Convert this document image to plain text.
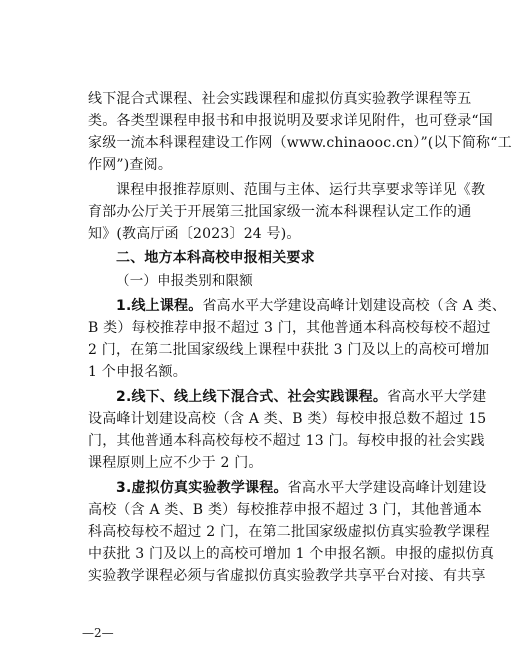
线下混合式课程、社会实践课程和虚拟仿真实验教学课程等五
类。各类型课程申报书和申报说明及要求详见附件，也可登录“国
家级一流本科课程建设工作网（www.chinaooc.cn）”(以下简称“工
作网”)查阅。
课程申报推荐原则、范围与主体、运行共享要求等详见《教
育部办公厅关于开展第三批国家级一流本科课程认定工作的通
知》(教高厅函〔2023〕24 号)。
二、地方本科高校申报相关要求
（一）申报类别和限额
1.线上课程。省高水平大学建设高峰计划建设高校（含 A 类、
B 类）每校推荐申报不超过 3 门，其他普通本科高校每校不超过
2 门，在第二批国家级线上课程中获批 3 门及以上的高校可增加
1 个申报名额。
2.线下、线上线下混合式、社会实践课程。省高水平大学建
设高峰计划建设高校（含 A 类、B 类）每校申报总数不超过 15
门，其他普通本科高校每校不超过 13 门。每校申报的社会实践
课程原则上应不少于 2 门。
3.虚拟仿真实验教学课程。省高水平大学建设高峰计划建设
高校（含 A 类、B 类）每校推荐申报不超过 3 门，其他普通本
科高校每校不超过 2 门，在第二批国家级虚拟仿真实验教学课程
中获批 3 门及以上的高校可增加 1 个申报名额。申报的虚拟仿真
实验教学课程必须与省虚拟仿真实验教学共享平台对接、有共享
—2—
